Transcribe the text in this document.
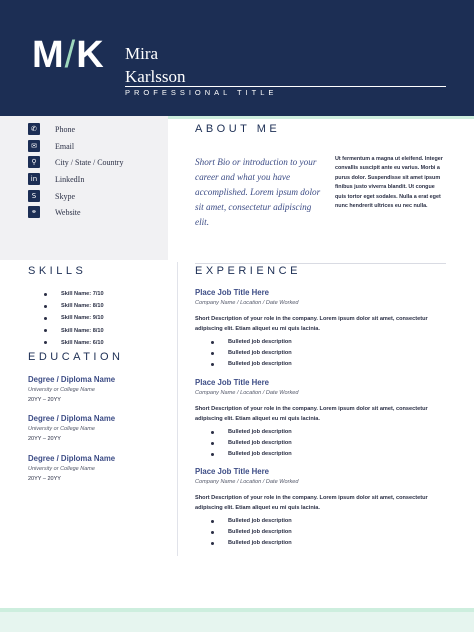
M/K Mira
Karlsson
PROFESSIONAL TITLE
✆	Phone
✉	Email
⚲	City / State / Country
in	LinkedIn
S	Skype
⚭	Website
ABOUT ME
Short Bio or introduction to your career and what you have accomplished. Lorem ipsum dolor sit amet, consectetur adipiscing elit.
Ut fermentum a magna ut eleifend. Integer convallis suscipit ante eu varius. Morbi a purus dolor. Suspendisse sit amet ipsum finibus justo viverra blandit. Ut congue quis tortor eget sodales. Nulla a erat eget nunc hendrerit ultrices eu nec nulla.
SKILLS
Skill Name: 7/10
Skill Name: 8/10
Skill Name: 9/10
Skill Name: 8/10
Skill Name: 6/10
EDUCATION
Degree / Diploma Name
University or College Name
20YY – 20YY
Degree / Diploma Name
University or College Name
20YY – 20YY
Degree / Diploma Name
University or College Name
20YY – 20YY
EXPERIENCE
Place Job Title Here
Company Name / Location / Date Worked
Short Description of your role in the company. Lorem ipsum dolor sit amet, consectetur adipiscing elit. Etiam aliquet eu mi quis lacinia.
Bulleted job description
Bulleted job description
Bulleted job description
Place Job Title Here
Company Name / Location / Date Worked
Short Description of your role in the company. Lorem ipsum dolor sit amet, consectetur adipiscing elit. Etiam aliquet eu mi quis lacinia.
Bulleted job description
Bulleted job description
Bulleted job description
Place Job Title Here
Company Name / Location / Date Worked
Short Description of your role in the company. Lorem ipsum dolor sit amet, consectetur adipiscing elit. Etiam aliquet eu mi quis lacinia.
Bulleted job description
Bulleted job description
Bulleted job description
